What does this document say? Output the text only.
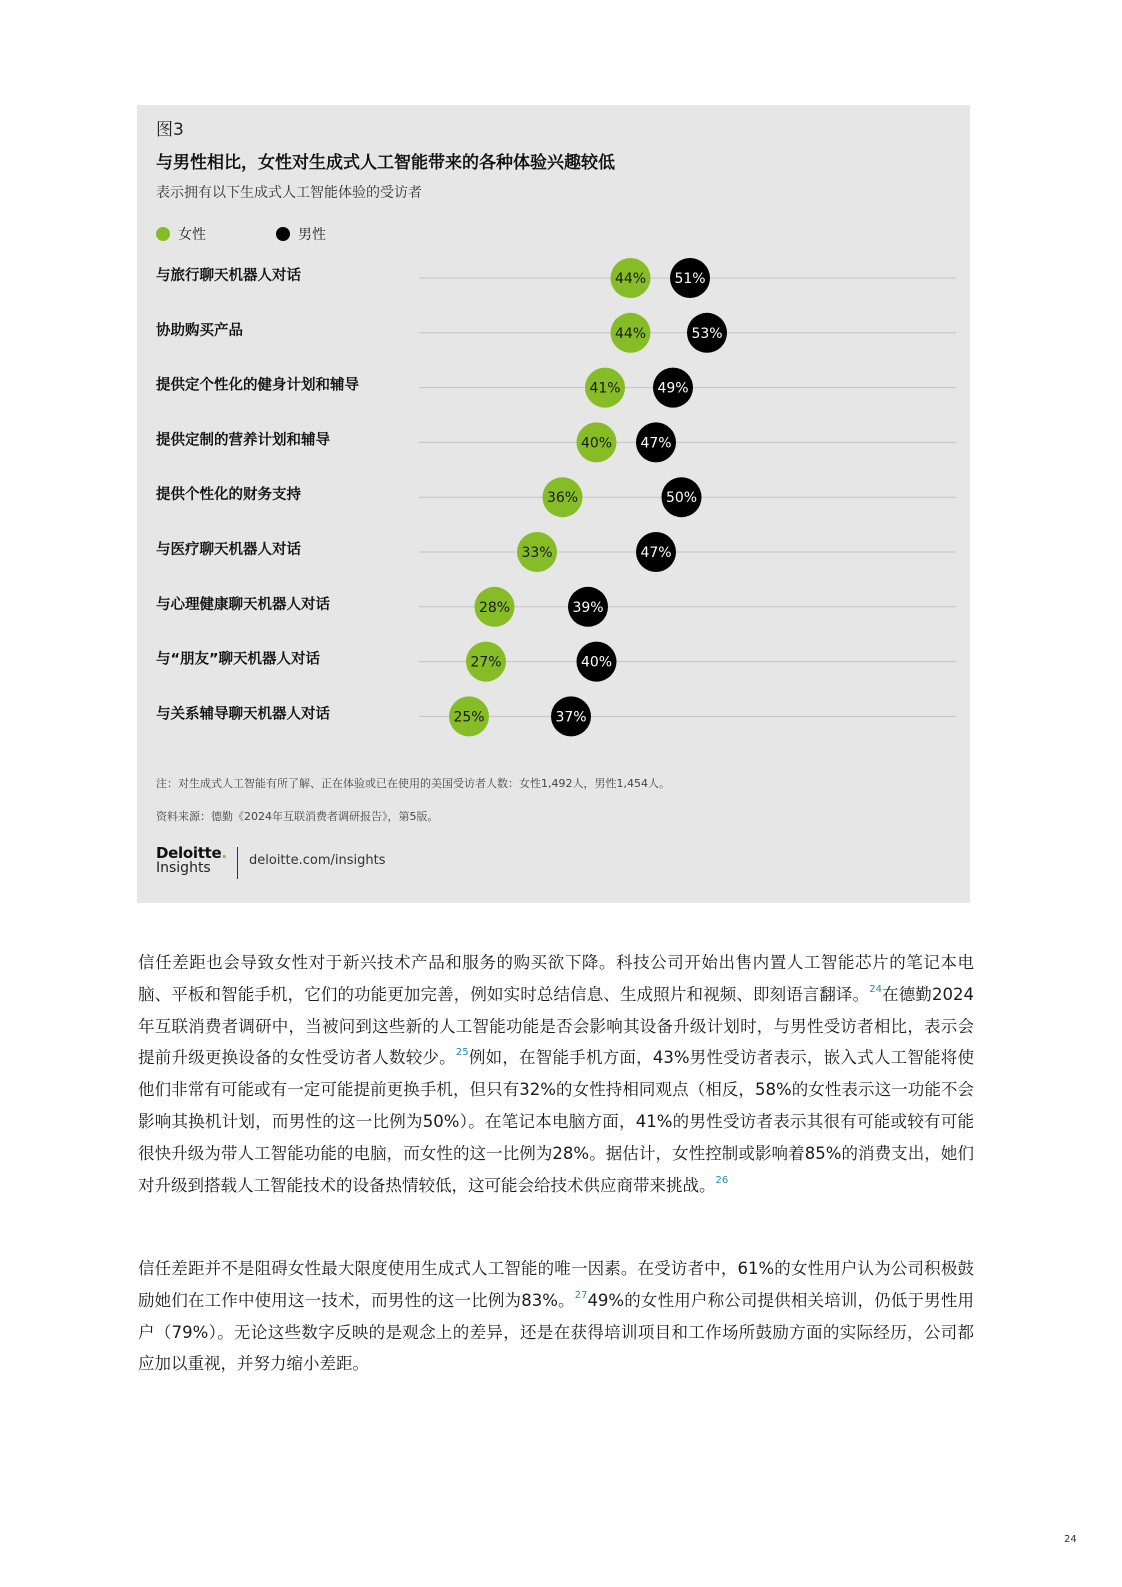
图3
与男性相比，女性对生成式人工智能带来的各种体验兴趣较低
表示拥有以下生成式人工智能体验的受访者
女性	男性
与旅行聊天机器人对话	44% 51%
协助购买产品	44%	53%
提供定个性化的健身计划和辅导	41%	49%
提供定制的营养计划和辅导	40% 47%
提供个性化的财务支持	36%	50%
与医疗聊天机器人对话	33%	47%
与心理健康聊天机器人对话	28%	39%
与“朋友”聊天机器人对话	27%	40%
与关系辅导聊天机器人对话	25%	37%
注：对生成式人工智能有所了解、正在体验或已在使用的美国受访者人数：女性1,492人，男性1,454人。
资料来源：德勤《2024年互联消费者调研报告》，第5版。
Deloitte.
Insights	deloitte.com/insights
信任差距也会导致女性对于新兴技术产品和服务的购买欲下降。科技公司开始出售内置人工智能芯片的笔记本电脑、平板和智能手机，它们的功能更加完善，例如实时总结信息、生成照片和视频、即刻语言翻译。$^{24}$在德勤2024年互联消费者调研中，当被问到这些新的人工智能功能是否会影响其设备升级计划时，与男性受访者相比，表示会提前升级更换设备的女性受访者人数较少。$^{25}$例如，在智能手机方面，43%男性受访者表示，嵌入式人工智能将使他们非常有可能或有一定可能提前更换手机，但只有32%的女性持相同观点（相反，58%的女性表示这一功能不会影响其换机计划，而男性的这一比例为50%）。在笔记本电脑方面，41%的男性受访者表示其很有可能或较有可能很快升级为带人工智能功能的电脑，而女性的这一比例为28%。据估计，女性控制或影响着85%的消费支出，她们对升级到搭载人工智能技术的设备热情较低，这可能会给技术供应商带来挑战。$^{26}$
信任差距并不是阻碍女性最大限度使用生成式人工智能的唯一因素。在受访者中，61%的女性用户认为公司积极鼓励她们在工作中使用这一技术，而男性的这一比例为83%。$^{27}$49%的女性用户称公司提供相关培训，仍低于男性用户（79%）。无论这些数字反映的是观念上的差异，还是在获得培训项目和工作场所鼓励方面的实际经历，公司都应加以重视，并努力缩小差距。
24
